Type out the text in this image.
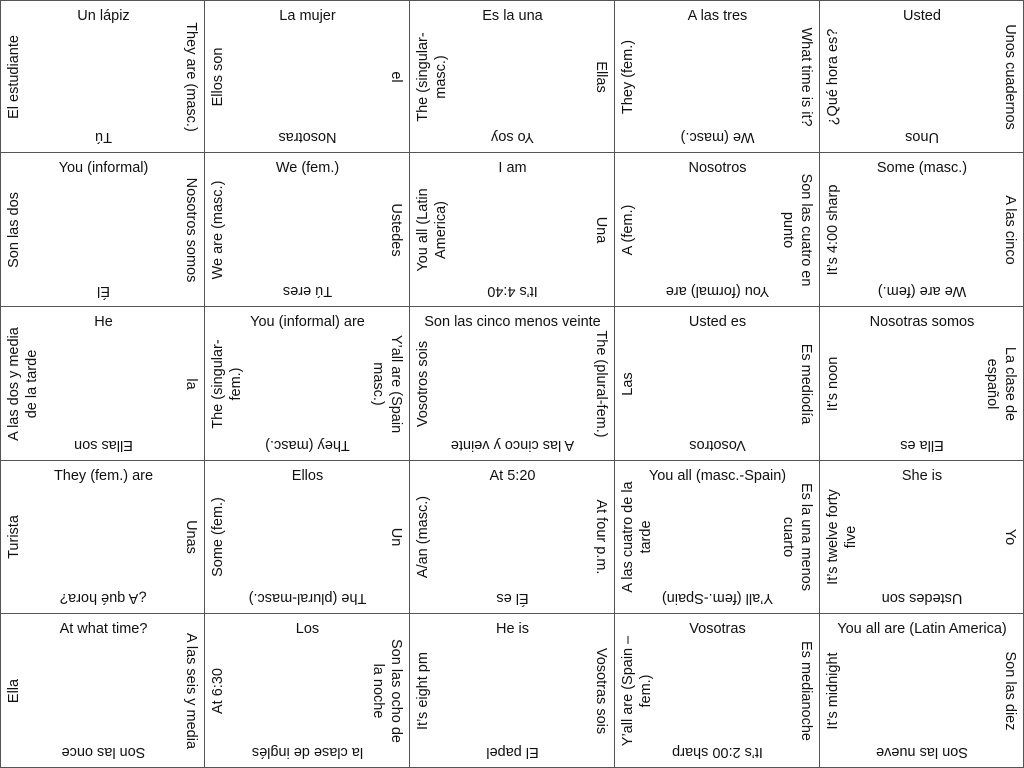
Un lápiz
They are (masc.)
Tú
El estudiante
La mujer
el
Nosotras
Ellos son
Es la una
Ellas
Yo soy
The (singular-masc.)
A las tres
What time is it?
We (masc.)
They (fem.)
Usted
Unos cuadernos
Unos
¿Qué hora es?
You (informal)
Nosotros somos
Él
Son las dos
We (fem.)
Ustedes
Tú eres
We are (masc.)
I am
Una
It’s 4:40
You all (Latin America)
Nosotros
Son las cuatro en punto
You (formal) are
A (fem.)
Some (masc.)
A las cinco
We are (fem.)
It’s 4:00 sharp
He
la
Ellas son
A las dos y media de la tarde
You (informal) are
Y’all are (Spain masc.)
They (masc.)
The (singular-fem.)
Son las cinco menos veinte
The (plural-fem.)
A las cinco y veinte
Vosotros sois
Usted es
Es mediodía
Vosotros
Las
Nosotras somos
La clase de español
Ella es
It’s noon
They (fem.) are
Unas
¿A qué hora?
Turista
Ellos
Un
The (plural-masc.)
Some (fem.)
At 5:20
At four p.m.
Él es
A/an (masc.)
You all (masc.-Spain)
Es la una menos cuarto
Y’all (fem.-Spain)
A las cuatro de la tarde
She is
Yo
Ustedes son
It’s twelve forty five
At what time?
A las seis y media
Son las once
Ella
Los
Son las ocho de la noche
la clase de inglés
At 6:30
He is
Vosotras sois
El papel
It’s eight pm
Vosotras
Es medianoche
It’s 2:00 sharp
Y’all are (Spain – fem.)
You all are (Latin America)
Son las diez
Son las nueve
It’s midnight
